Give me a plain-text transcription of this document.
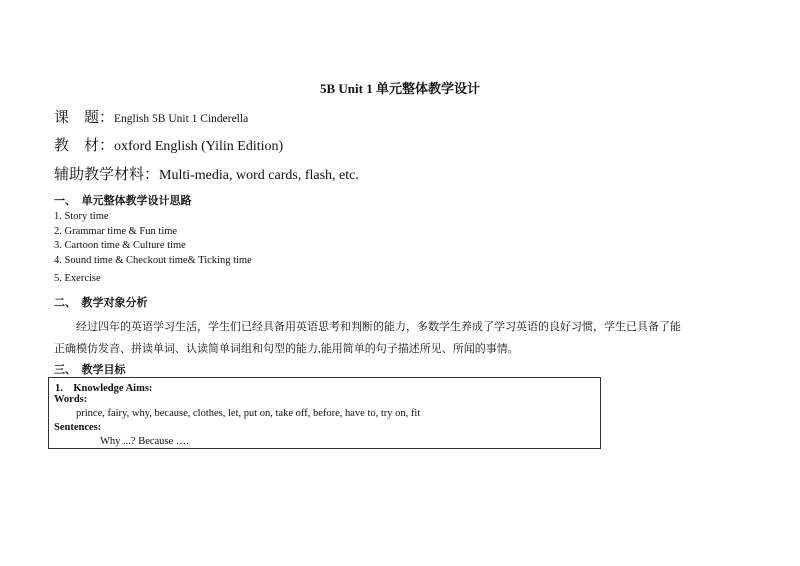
5B Unit 1 单元整体教学设计
课　题：English 5B Unit 1 Cinderella
教　材：oxford English (Yilin Edition)
辅助教学材料：Multi-media, word cards, flash, etc.
一、　单元整体教学设计思路
1. Story time
2. Grammar time & Fun time
3. Cartoon time & Culture time
4. Sound time & Checkout time& Ticking time
5. Exercise
二、　教学对象分析
经过四年的英语学习生活，学生们已经具备用英语思考和判断的能力，多数学生养成了学习英语的良好习惯，学生已具备了能
正确模仿发音、拼读单词、认读简单词组和句型的能力,能用简单的句子描述所见、所闻的事情。
三、　教学目标
1.　Knowledge Aims:
Words:
prince, fairy, why, because, clothes, let, put on, take off, before, have to, try on, fit
Sentences:
Why ...? Because ….
